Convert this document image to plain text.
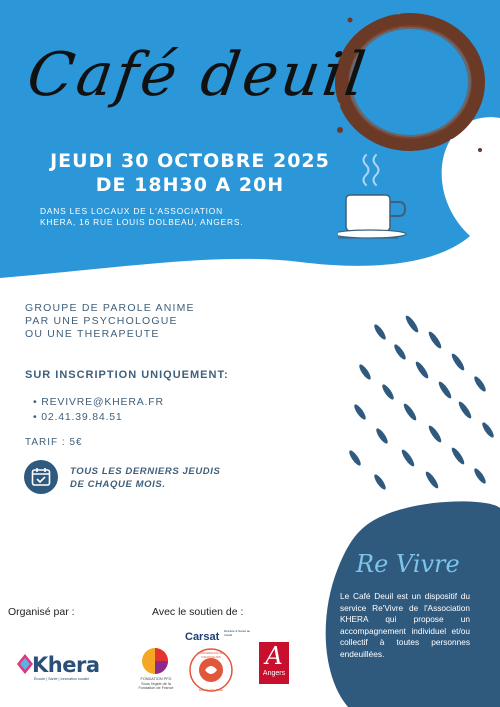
Café deuil
JEUDI 30 OCTOBRE 2025
DE 18H30 A 20H
DANS LES LOCAUX DE L'ASSOCIATION
KHERA, 16 RUE LOUIS DOLBEAU, ANGERS.
GROUPE DE PAROLE ANIME
PAR UNE PSYCHOLOGUE
OU UNE THERAPEUTE
SUR INSCRIPTION UNIQUEMENT:
• REVIVRE@KHERA.FR
• 02.41.39.84.51
TARIF : 5€
TOUS LES DERNIERS JEUDIS
DE CHAQUE MOIS.
Re Vivre
Le Café Deuil est un dispositif du service Re'Vivre de l'Association KHERA qui propose un accompagnement individuel et/ou collectif à toutes personnes endeuillées.
Organisé par :	Avec le soutien de :
Khera
Écoute | Santé | Innovation sociale	FONDATION PFG
Sous l'égide de la Fondation de France
Carsat Retraite & Santé au travail
CONFÉRENCE des FINANCEURS
MAINE-ET-LOIRE
A
Angers
